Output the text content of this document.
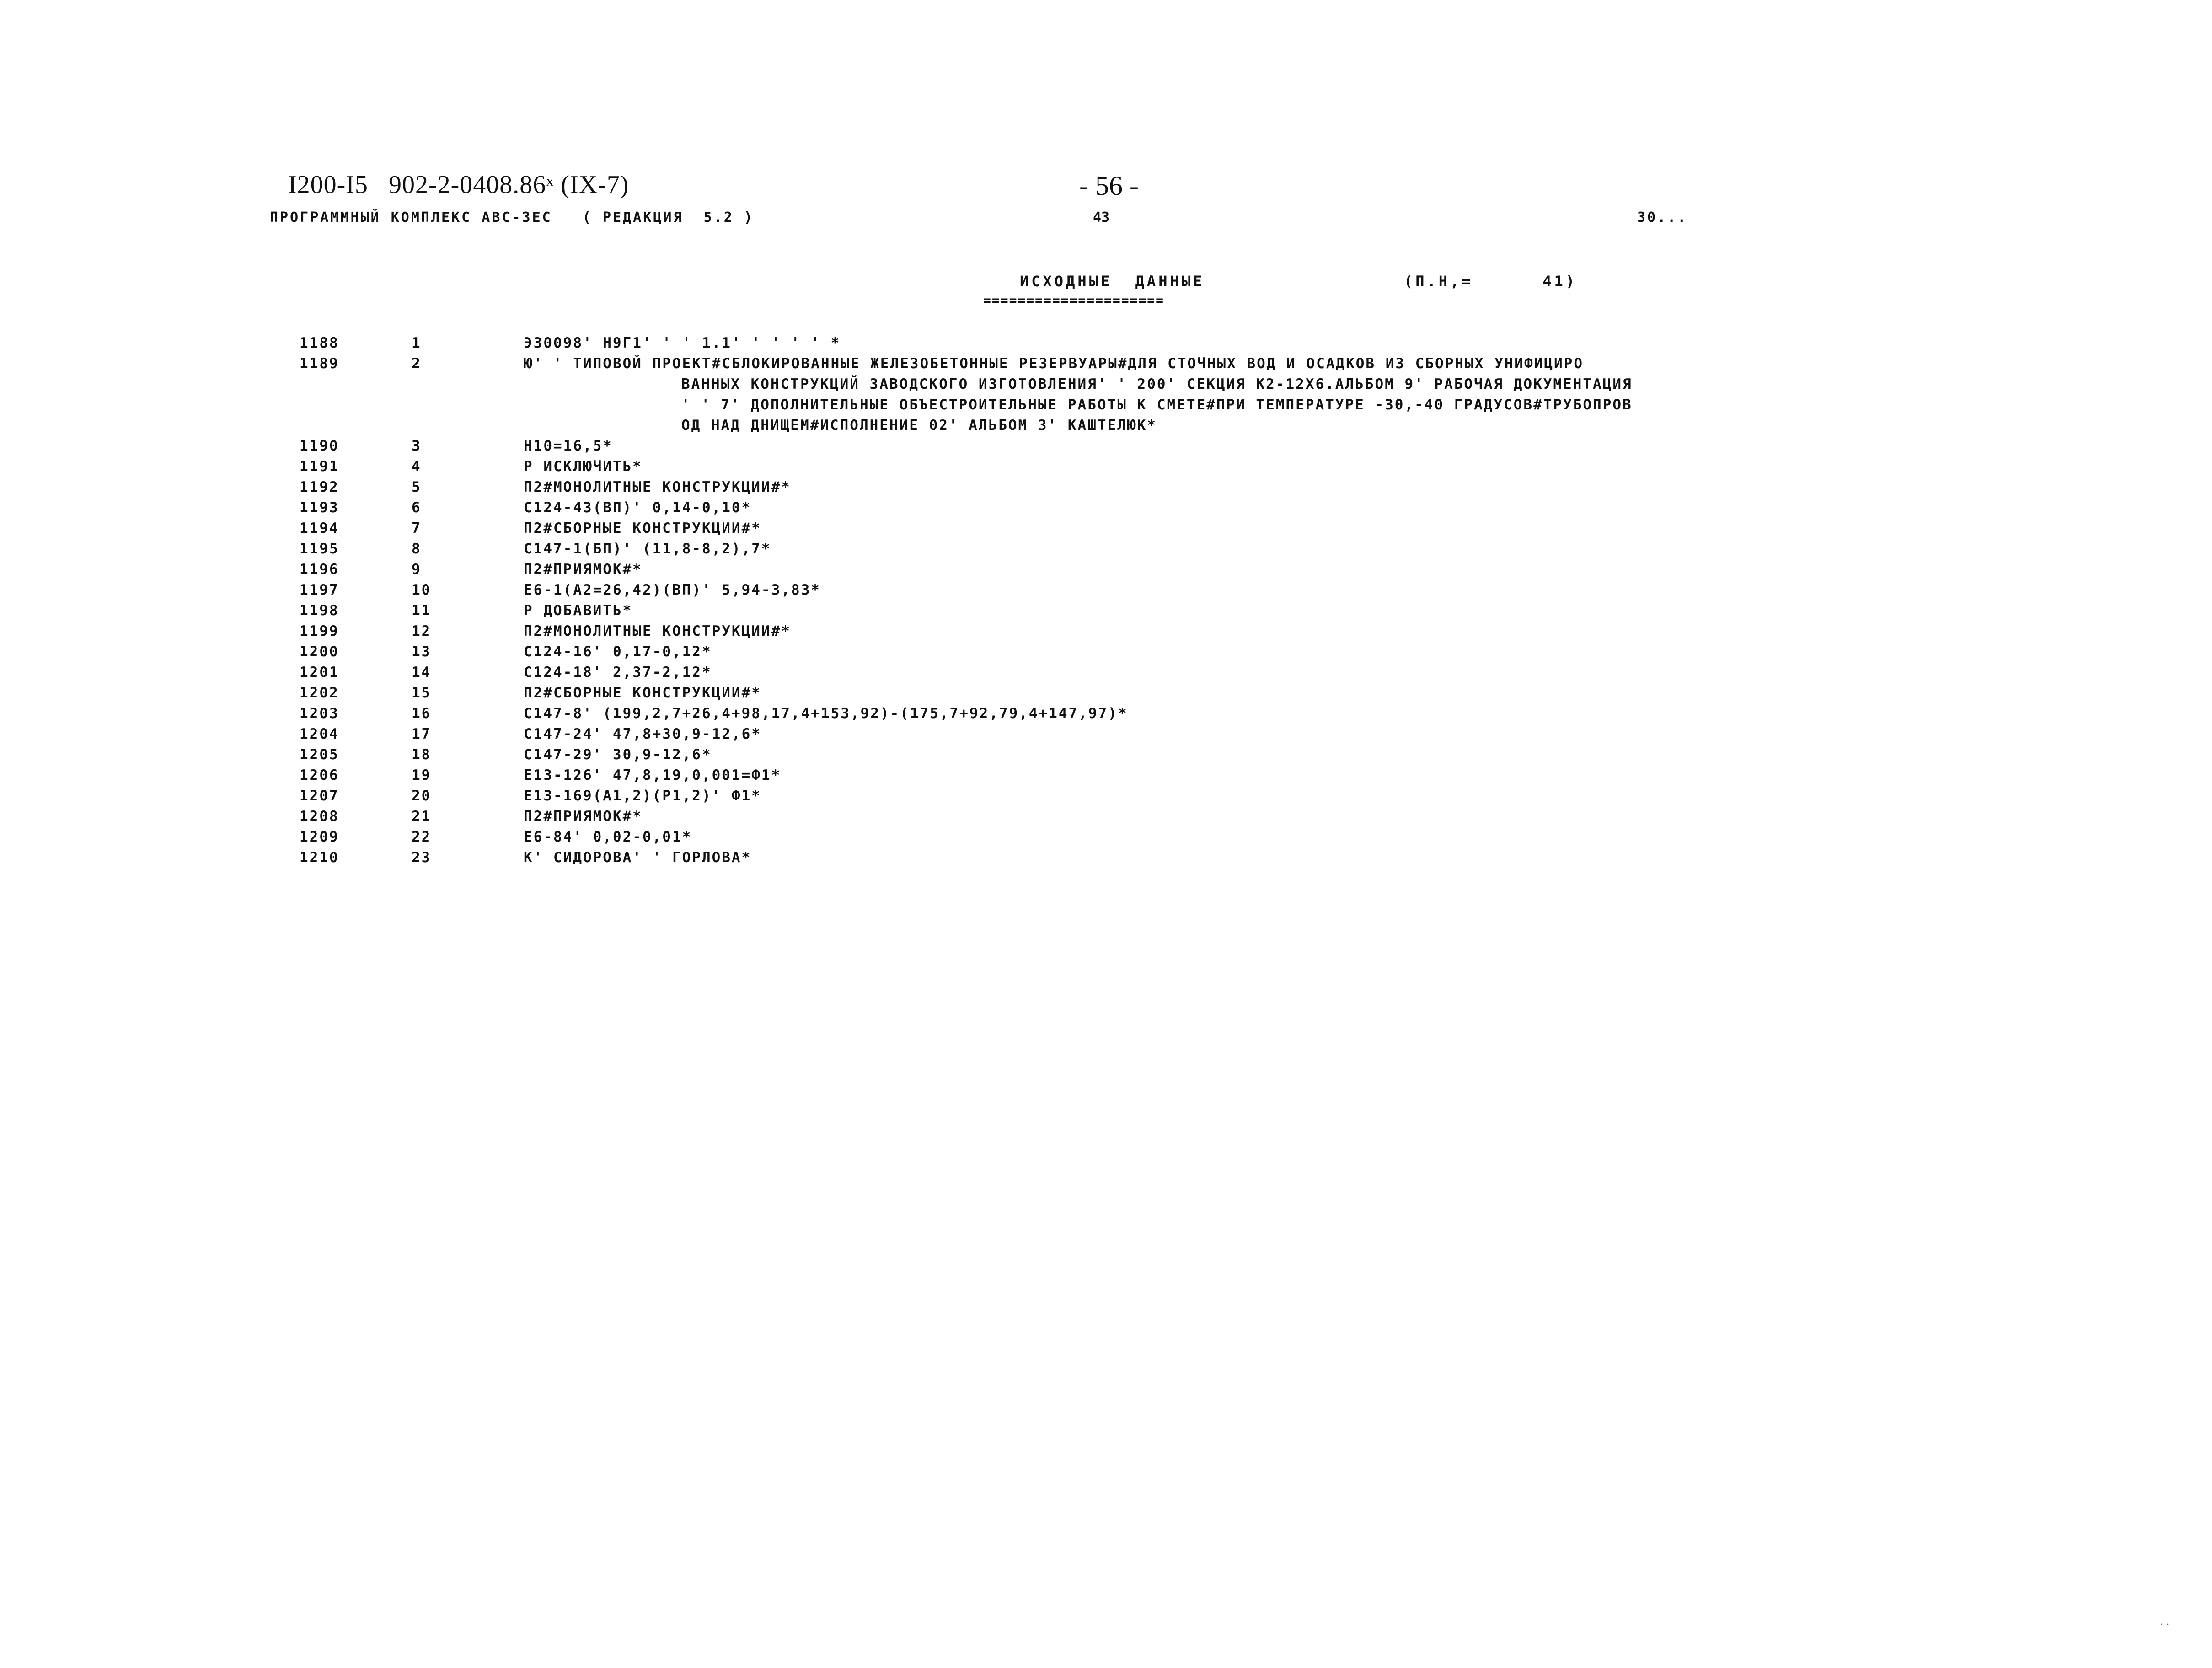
I200-I5   902-2-0408.86ˣ (IX-7)	- 56 -
ПРОГРАММНЫЙ КОМПЛЕКС АВС-3ЕС   ( РЕДАКЦИЯ  5.2 )	43	30...
ИСХОДНЫЕ  ДАННЫЕ
=====================
(П.Н,=      41)
1188	1	Э30098' Н9Г1' ' ' 1.1' ' ' ' ' *
1189	2	Ю' ' ТИПОВОЙ ПРОЕКТ#СБЛОКИРОВАННЫЕ ЖЕЛЕЗОБЕТОННЫЕ РЕЗЕРВУАРЫ#ДЛЯ СТОЧНЫХ ВОД И ОСАДКОВ ИЗ СБОРНЫХ УНИФИЦИРО
ВАННЫХ КОНСТРУКЦИЙ ЗАВОДСКОГО ИЗГОТОВЛЕНИЯ' ' 200' СЕКЦИЯ К2-12Х6.АЛЬБОМ 9' РАБОЧАЯ ДОКУМЕНТАЦИЯ
' ' 7' ДОПОЛНИТЕЛЬНЫЕ ОБЪЕСТРОИТЕЛЬНЫЕ РАБОТЫ К СМЕТЕ#ПРИ ТЕМПЕРАТУРЕ -30,-40 ГРАДУСОВ#ТРУБОПРОВ
ОД НАД ДНИЩЕМ#ИСПОЛНЕНИЕ 02' АЛЬБОМ 3' КАШТЕЛЮК*
1190	3	Н10=16,5*
1191	4	Р ИСКЛЮЧИТЬ*
1192	5	П2#МОНОЛИТНЫЕ КОНСТРУКЦИИ#*
1193	6	С124-43(ВП)' 0,14-0,10*
1194	7	П2#СБОРНЫЕ КОНСТРУКЦИИ#*
1195	8	С147-1(БП)' (11,8-8,2),7*
1196	9	П2#ПРИЯМОК#*
1197	10	Е6-1(А2=26,42)(ВП)' 5,94-3,83*
1198	11	Р ДОБАВИТЬ*
1199	12	П2#МОНОЛИТНЫЕ КОНСТРУКЦИИ#*
1200	13	С124-16' 0,17-0,12*
1201	14	С124-18' 2,37-2,12*
1202	15	П2#СБОРНЫЕ КОНСТРУКЦИИ#*
1203	16	С147-8' (199,2,7+26,4+98,17,4+153,92)-(175,7+92,79,4+147,97)*
1204	17	С147-24' 47,8+30,9-12,6*
1205	18	С147-29' 30,9-12,6*
1206	19	Е13-126' 47,8,19,0,001=Ф1*
1207	20	Е13-169(А1,2)(Р1,2)' Ф1*
1208	21	П2#ПРИЯМОК#*
1209	22	Е6-84' 0,02-0,01*
1210	23	К' СИДОРОВА' ' ГОРЛОВА*
··
